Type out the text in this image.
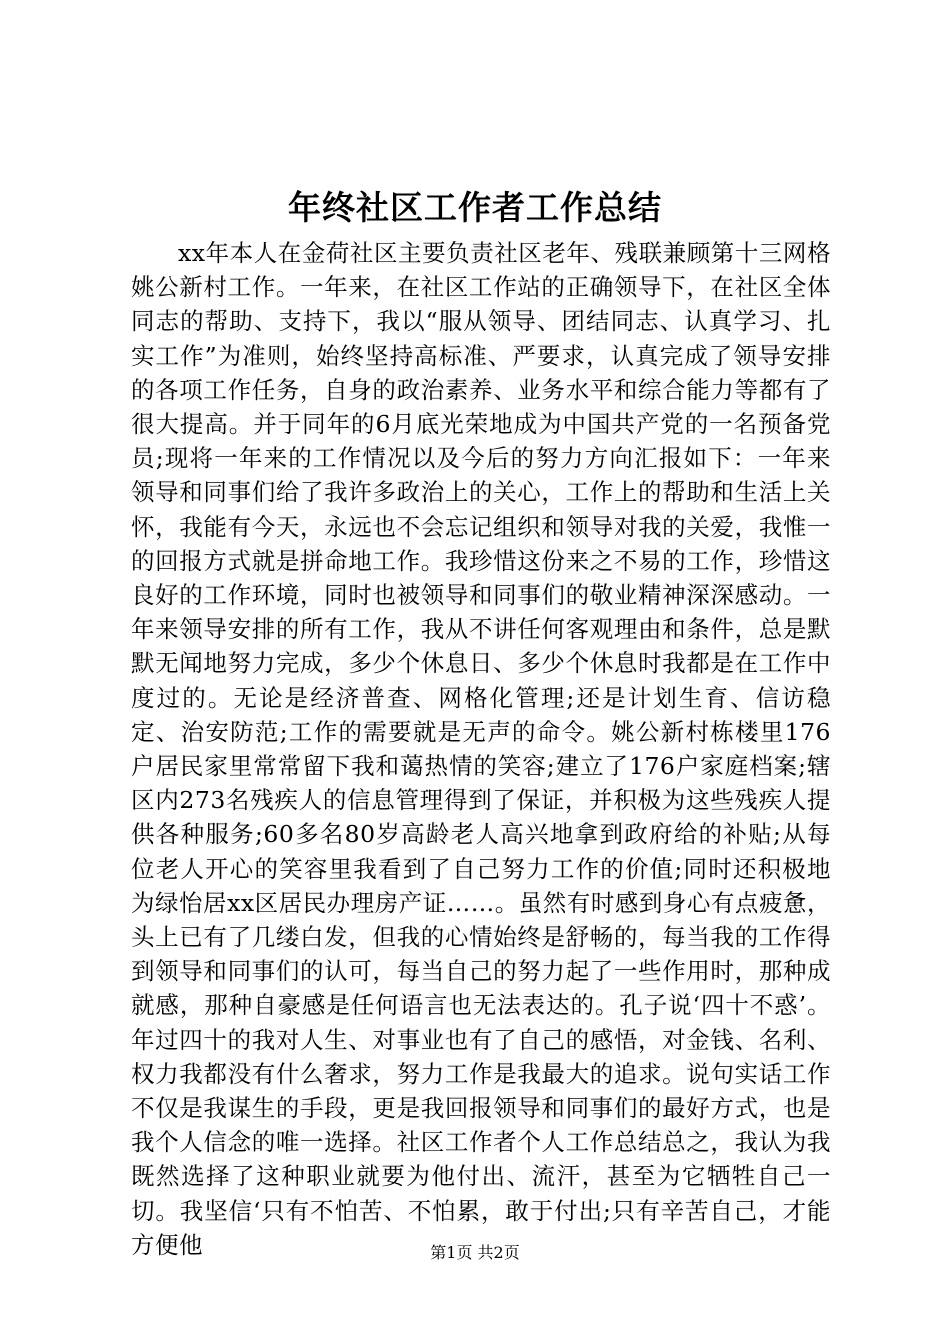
年终社区工作者工作总结

xx年本人在金荷社区主要负责社区老年、残联兼顾第十三网格姚公新村工作。一年来，在社区工作站的正确领导下，在社区全体同志的帮助、支持下，我以“服从领导、团结同志、认真学习、扎实工作”为准则，始终坚持高标准、严要求，认真完成了领导安排的各项工作任务，自身的政治素养、业务水平和综合能力等都有了很大提高。并于同年的6月底光荣地成为中国共产党的一名预备党员;现将一年来的工作情况以及今后的努力方向汇报如下：一年来领导和同事们给了我许多政治上的关心，工作上的帮助和生活上关怀，我能有今天，永远也不会忘记组织和领导对我的关爱，我惟一的回报方式就是拼命地工作。我珍惜这份来之不易的工作，珍惜这良好的工作环境，同时也被领导和同事们的敬业精神深深感动。一年来领导安排的所有工作，我从不讲任何客观理由和条件，总是默默无闻地努力完成，多少个休息日、多少个休息时我都是在工作中度过的。无论是经济普查、网格化管理;还是计划生育、信访稳定、治安防范;工作的需要就是无声的命令。姚公新村栋楼里176户居民家里常常留下我和蔼热情的笑容;建立了176户家庭档案;辖区内273名残疾人的信息管理得到了保证，并积极为这些残疾人提供各种服务;60多名80岁高龄老人高兴地拿到政府给的补贴;从每位老人开心的笑容里我看到了自己努力工作的价值;同时还积极地为绿怡居xx区居民办理房产证……。虽然有时感到身心有点疲惫，头上已有了几缕白发，但我的心情始终是舒畅的，每当我的工作得到领导和同事们的认可，每当自己的努力起了一些作用时，那种成就感，那种自豪感是任何语言也无法表达的。孔子说‘四十不惑’。年过四十的我对人生、对事业也有了自己的感悟，对金钱、名利、权力我都没有什么奢求，努力工作是我最大的追求。说句实话工作不仅是我谋生的手段，更是我回报领导和同事们的最好方式，也是我个人信念的唯一选择。社区工作者个人工作总结总之，我认为我既然选择了这种职业就要为他付出、流汗，甚至为它牺牲自己一切。我坚信‘只有不怕苦、不怕累，敢于付出;只有辛苦自己，才能方便他	第1页 共2页
